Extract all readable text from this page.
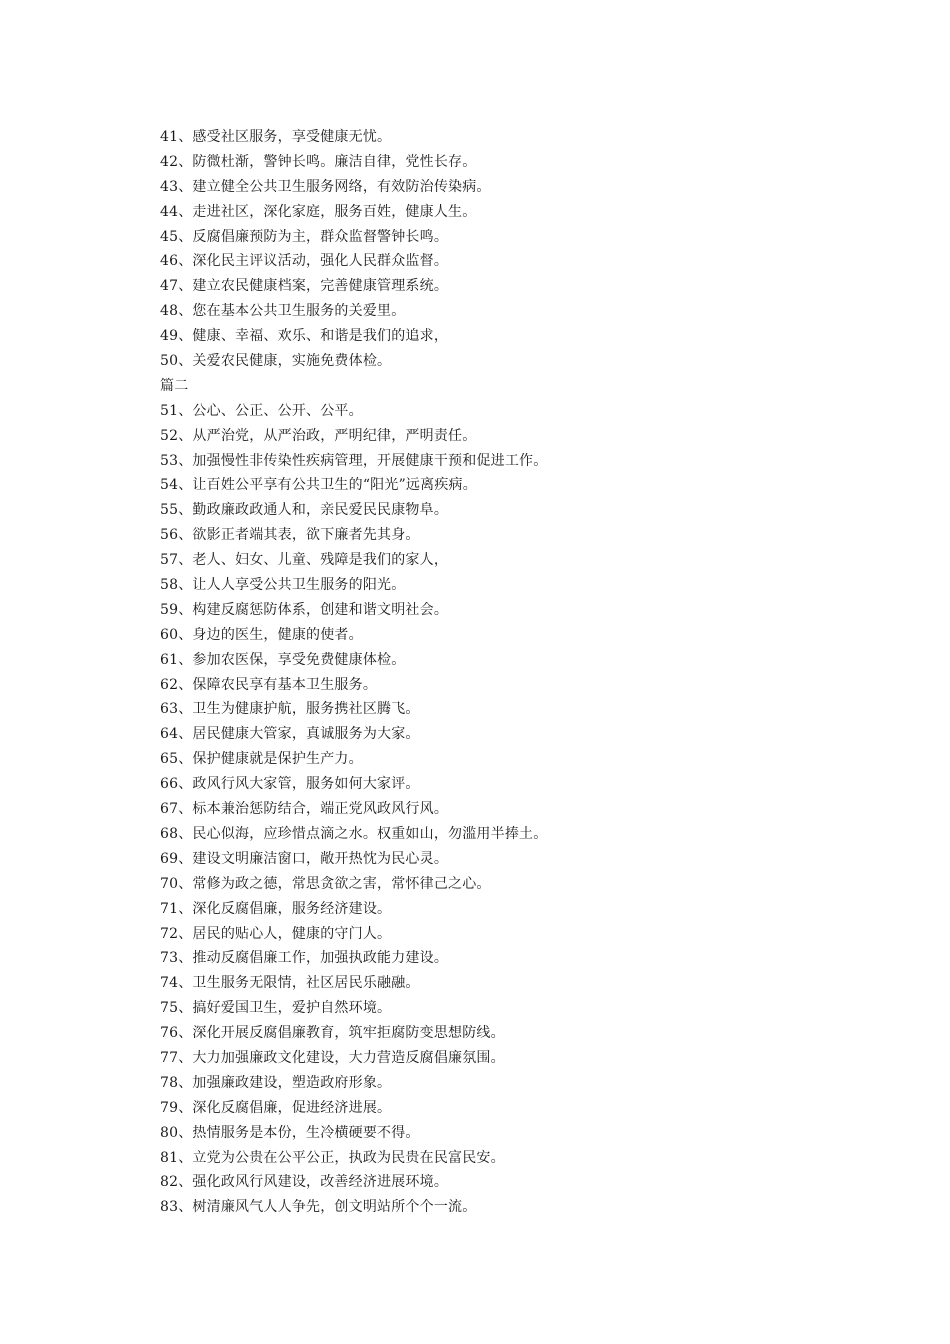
41、感受社区服务，享受健康无忧。
42、防微杜渐，警钟长鸣。廉洁自律，党性长存。
43、建立健全公共卫生服务网络，有效防治传染病。
44、走进社区，深化家庭，服务百姓，健康人生。
45、反腐倡廉预防为主，群众监督警钟长鸣。
46、深化民主评议活动，强化人民群众监督。
47、建立农民健康档案，完善健康管理系统。
48、您在基本公共卫生服务的关爱里。
49、健康、幸福、欢乐、和谐是我们的追求，
50、关爱农民健康，实施免费体检。
篇二
51、公心、公正、公开、公平。
52、从严治党，从严治政，严明纪律，严明责任。
53、加强慢性非传染性疾病管理，开展健康干预和促进工作。
54、让百姓公平享有公共卫生的“阳光”远离疾病。
55、勤政廉政政通人和，亲民爱民民康物阜。
56、欲影正者端其表，欲下廉者先其身。
57、老人、妇女、儿童、残障是我们的家人，
58、让人人享受公共卫生服务的阳光。
59、构建反腐惩防体系，创建和谐文明社会。
60、身边的医生，健康的使者。
61、参加农医保，享受免费健康体检。
62、保障农民享有基本卫生服务。
63、卫生为健康护航，服务携社区腾飞。
64、居民健康大管家，真诚服务为大家。
65、保护健康就是保护生产力。
66、政风行风大家管，服务如何大家评。
67、标本兼治惩防结合，端正党风政风行风。
68、民心似海，应珍惜点滴之水。权重如山，勿滥用半捧土。
69、建设文明廉洁窗口，敞开热忱为民心灵。
70、常修为政之德，常思贪欲之害，常怀律己之心。
71、深化反腐倡廉，服务经济建设。
72、居民的贴心人，健康的守门人。
73、推动反腐倡廉工作，加强执政能力建设。
74、卫生服务无限情，社区居民乐融融。
75、搞好爱国卫生，爱护自然环境。
76、深化开展反腐倡廉教育，筑牢拒腐防变思想防线。
77、大力加强廉政文化建设，大力营造反腐倡廉氛围。
78、加强廉政建设，塑造政府形象。
79、深化反腐倡廉，促进经济进展。
80、热情服务是本份，生冷横硬要不得。
81、立党为公贵在公平公正，执政为民贵在民富民安。
82、强化政风行风建设，改善经济进展环境。
83、树清廉风气人人争先，创文明站所个个一流。
